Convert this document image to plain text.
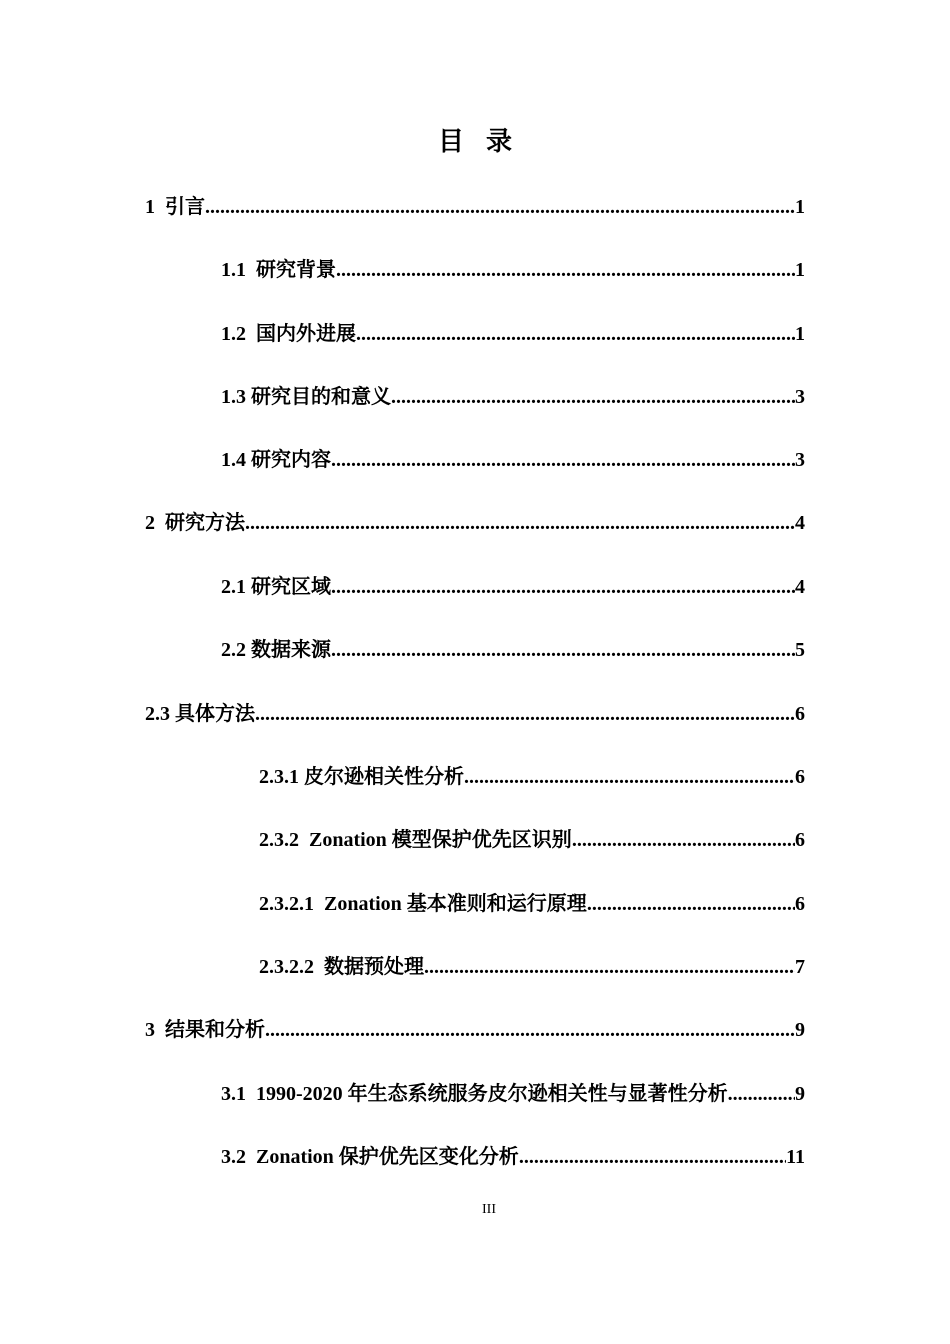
目 录
1 引言 .....	1
1.1 研究背景 .....	1
1.2 国内外进展 .....	1
1.3 研究目的和意义 .....	3
1.4 研究内容 .....	3
2 研究方法 .....	4
2.1 研究区域 .....	4
2.2 数据来源 .....	5
2.3 具体方法 .....	6
2.3.1 皮尔逊相关性分析 .....	6
2.3.2 Zonation 模型保护优先区识别 .....	6
2.3.2.1 Zonation 基本准则和运行原理 .....	6
2.3.2.2 数据预处理 .....	7
3 结果和分析 .....	9
3.1 1990-2020 年生态系统服务皮尔逊相关性与显著性分析 .....	9
3.2 Zonation 保护优先区变化分析 .....	11
III
